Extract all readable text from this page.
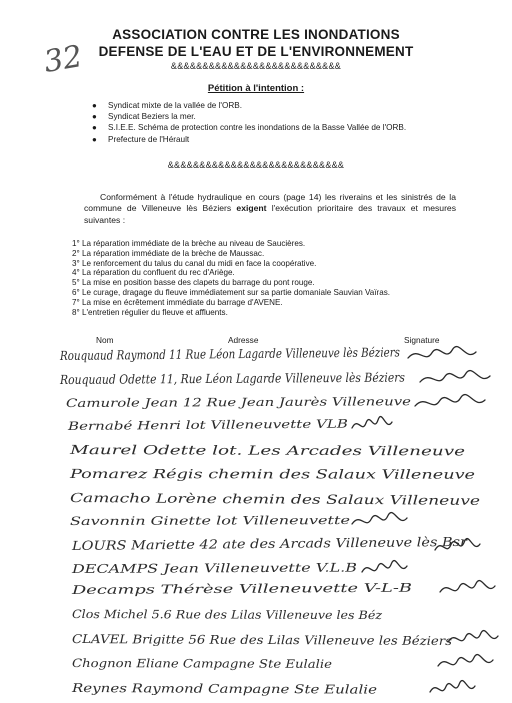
ASSOCIATION CONTRE LES INONDATIONS
DEFENSE DE L'EAU ET DE L'ENVIRONNEMENT
&&&&&&&&&&&&&&&&&&&&&&&&&&&
32
Pétition à l'intention :
● Syndicat mixte de la vallée de l'ORB.
● Syndicat Beziers la mer.
● S.I.E.E. Schéma de protection contre les inondations de la Basse Vallée de l'ORB.
● Prefecture de l'Hérault
&&&&&&&&&&&&&&&&&&&&&&&&&&&&

Conformément à l'étude hydraulique en cours (page 14) les riverains et les sinistrés de la commune de Villeneuve lès Béziers exigent l'exécution prioritaire des travaux et mesures suivantes :

1° La réparation immédiate de la brèche au niveau de Saucières.
2° La réparation immédiate de la brèche de Maussac.
3° Le renforcement du talus du canal du midi en face la coopérative.
4° La réparation du confluent du rec d'Ariège.
5° La mise en position basse des clapets du barrage du pont rouge.
6° Le curage, dragage du fleuve immédiatement sur sa partie domaniale Sauvian Vaïras.
7° La mise en écrêtement immédiate du barrage d'AVENE.
8° L'entretien régulier du fleuve et affluents.
Nom	Adresse	Signature
Rouquaud Raymond 11 Rue Léon Lagarde Villeneuve lès Béziers
Rouquaud Odette 11, Rue Léon Lagarde Villeneuve lès Béziers
Camurole Jean 12 Rue Jean Jaurès Villeneuve
Bernabé Henri lot Villeneuvette VLB
Maurel Odette lot. Les Arcades Villeneuve
Pomarez Régis chemin des Salaux Villeneuve
Camacho Lorène chemin des Salaux Villeneuve
Savonnin Ginette lot Villeneuvette
LOURS Mariette 42 ate des Arcads Villeneuve lès Bsr
DECAMPS Jean Villeneuvette V.L.B
Decamps Thérèse Villeneuvette V-L-B
Clos Michel 5.6 Rue des Lilas Villeneuve les Béz
CLAVEL Brigitte 56 Rue des Lilas Villeneuve les Béziers
Chognon Eliane Campagne Ste Eulalie
Reynes Raymond Campagne Ste Eulalie
